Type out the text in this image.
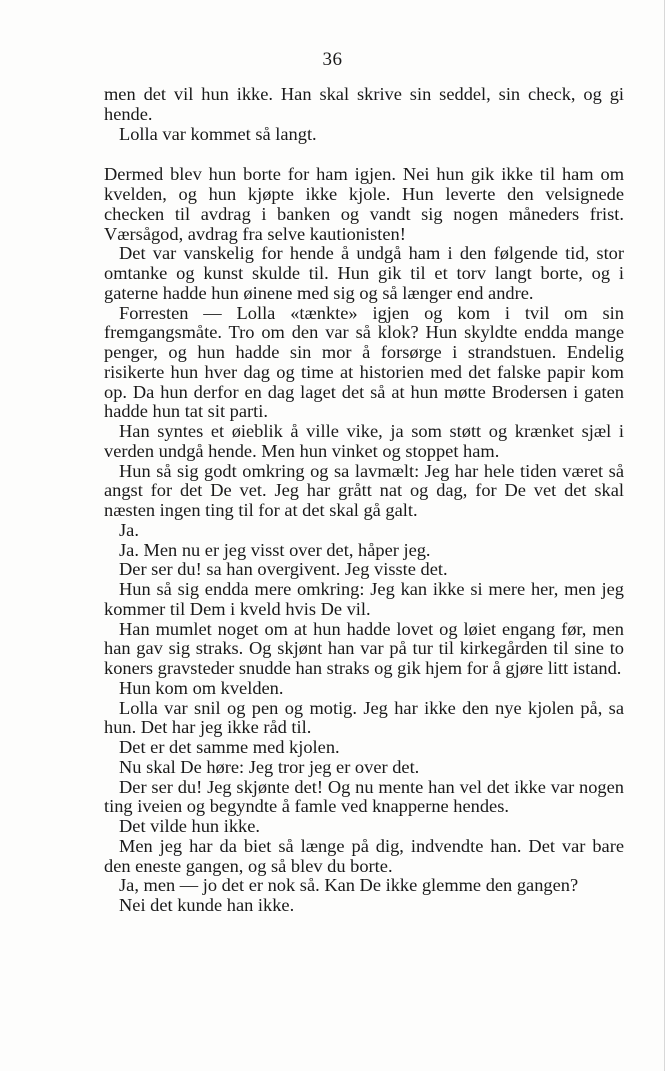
36

men det vil hun ikke. Han skal skrive sin seddel, sin check, og gi hende.

Lolla var kommet så langt.

Dermed blev hun borte for ham igjen. Nei hun gik ikke til ham om kvelden, og hun kjøpte ikke kjole. Hun leverte den velsignede checken til avdrag i banken og vandt sig nogen måneders frist. Værsågod, avdrag fra selve kautionisten!

Det var vanskelig for hende å undgå ham i den følgende tid, stor omtanke og kunst skulde til. Hun gik til et torv langt borte, og i gaterne hadde hun øinene med sig og så længer end andre.

Forresten — Lolla «tænkte» igjen og kom i tvil om sin fremgangsmåte. Tro om den var så klok? Hun skyldte endda mange penger, og hun hadde sin mor å forsørge i strandstuen. Endelig risikerte hun hver dag og time at historien med det falske papir kom op. Da hun derfor en dag laget det så at hun møtte Brodersen i gaten hadde hun tat sit parti.

Han syntes et øieblik å ville vike, ja som støtt og krænket sjæl i verden undgå hende. Men hun vinket og stoppet ham.

Hun så sig godt omkring og sa lavmælt: Jeg har hele tiden været så angst for det De vet. Jeg har grått nat og dag, for De vet det skal næsten ingen ting til for at det skal gå galt.

Ja.

Ja. Men nu er jeg visst over det, håper jeg.

Der ser du! sa han overgivent. Jeg visste det.

Hun så sig endda mere omkring: Jeg kan ikke si mere her, men jeg kommer til Dem i kveld hvis De vil.

Han mumlet noget om at hun hadde lovet og løiet engang før, men han gav sig straks. Og skjønt han var på tur til kirkegården til sine to koners gravsteder snudde han straks og gik hjem for å gjøre litt istand.

Hun kom om kvelden.

Lolla var snil og pen og motig. Jeg har ikke den nye kjolen på, sa hun. Det har jeg ikke råd til.

Det er det samme med kjolen.

Nu skal De høre: Jeg tror jeg er over det.

Der ser du! Jeg skjønte det! Og nu mente han vel det ikke var nogen ting iveien og begyndte å famle ved knapperne hendes.

Det vilde hun ikke.

Men jeg har da biet så længe på dig, indvendte han. Det var bare den eneste gangen, og så blev du borte.

Ja, men — jo det er nok så. Kan De ikke glemme den gangen?

Nei det kunde han ikke.
